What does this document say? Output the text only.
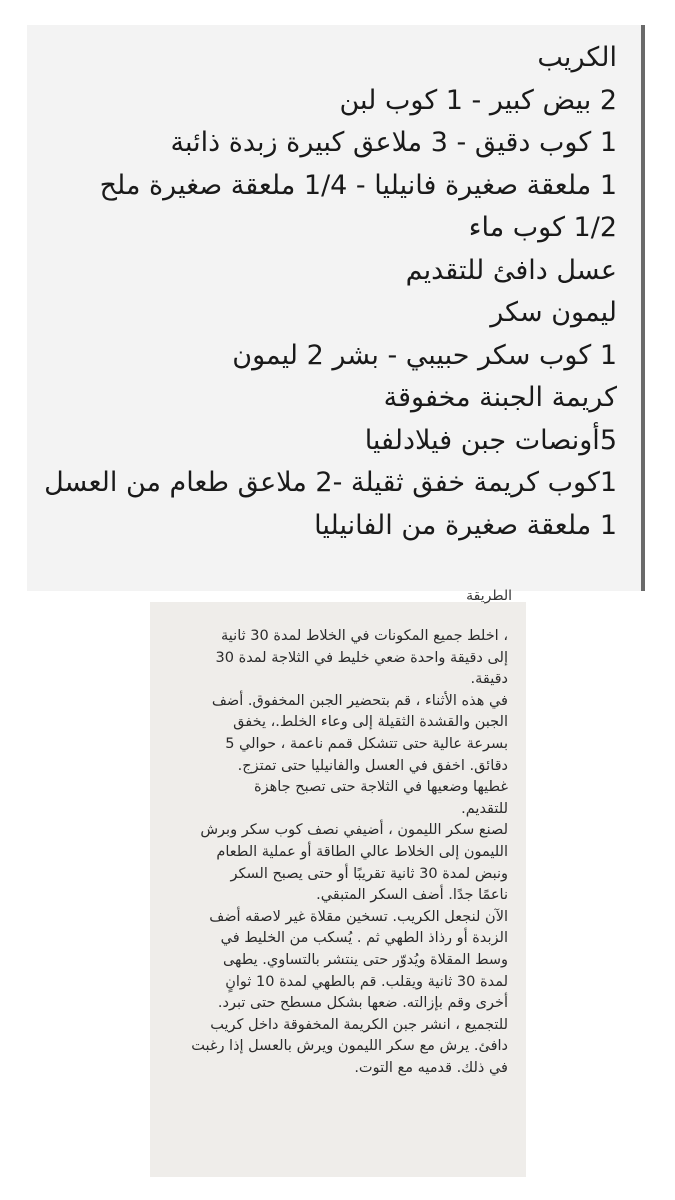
الكريب
2 بيض كبير - 1 كوب لبن
1 كوب دقيق - 3 ملاعق كبيرة زبدة ذائبة
1 ملعقة صغيرة فانيليا - 1/4 ملعقة صغيرة ملح
1/2 كوب ماء
عسل دافئ للتقديم
ليمون سكر
1 كوب سكر حبيبي - بشر 2 ليمون
كريمة الجبنة مخفوقة
5أونصات جبن فيلادلفيا
1كوب كريمة خفق ثقيلة -2 ملاعق طعام من العسل
1 ملعقة صغيرة من الفانيليا
الطريقة
، اخلط جميع المكونات في الخلاط لمدة 30 ثانية
إلى دقيقة واحدة ضعي خليط في الثلاجة لمدة 30
دقيقة.
في هذه الأثناء ، قم بتحضير الجبن المخفوق. أضف
الجبن والقشدة الثقيلة إلى وعاء الخلط.، يخفق
بسرعة عالية حتى تتشكل قمم ناعمة ، حوالي 5
دقائق. اخفق في العسل والفانيليا حتى تمتزج.
غطيها وضعيها في الثلاجة حتى تصبح جاهزة
للتقديم.
لصنع سكر الليمون ، أضيفي نصف كوب سكر وبرش
الليمون إلى الخلاط عالي الطاقة أو عملية الطعام
ونبض لمدة 30 ثانية تقريبًا أو حتى يصبح السكر
ناعمًا جدًا. أضف السكر المتبقي.
الآن لنجعل الكريب. تسخين مقلاة غير لاصقه أضف
الزبدة أو رذاذ الطهي ثم . يُسكب من الخليط في
وسط المقلاة ويُدوّر حتى ينتشر بالتساوي. يطهى
لمدة 30 ثانية ويقلب. قم بالطهي لمدة 10 ثوانٍ
أخرى وقم بإزالته. ضعها بشكل مسطح حتى تبرد.
للتجميع ، انشر جبن الكريمة المخفوقة داخل كريب
دافئ. يرش مع سكر الليمون ويرش بالعسل إذا رغبت
في ذلك. قدميه مع التوت.
